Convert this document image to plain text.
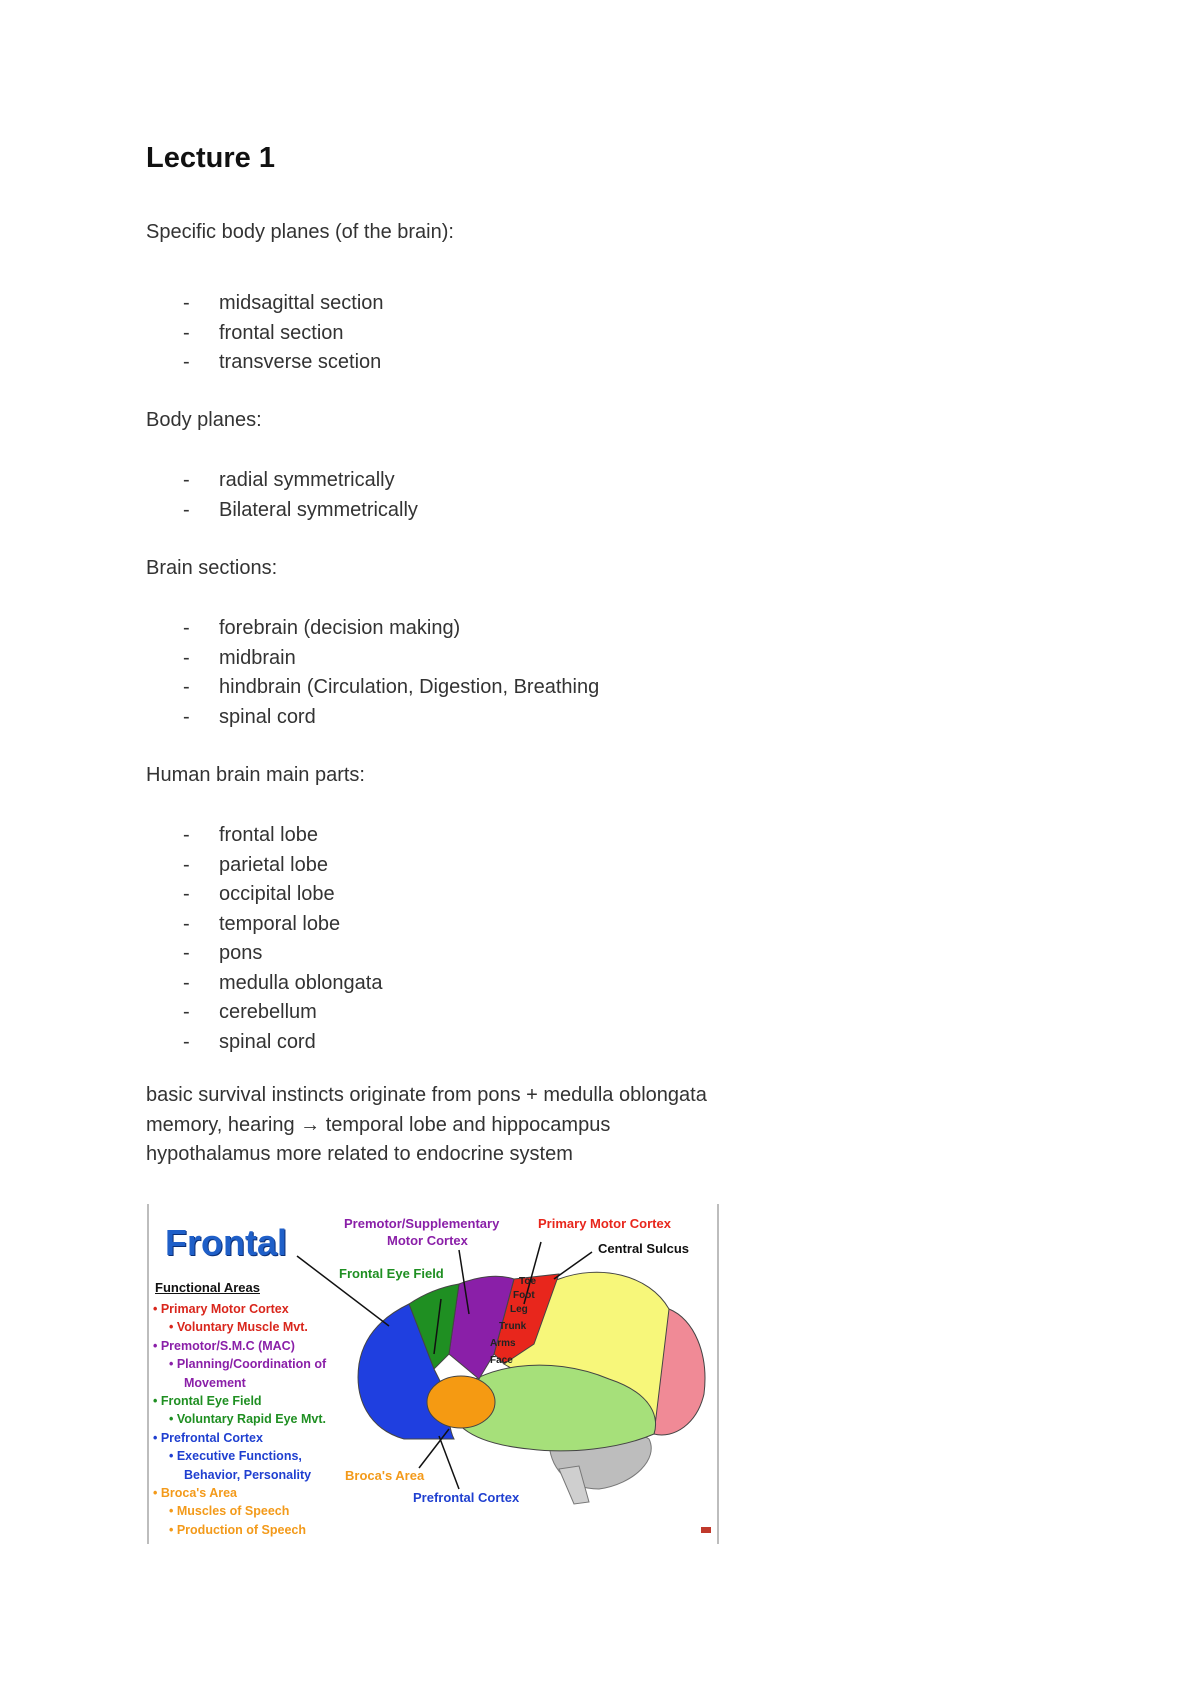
Lecture 1
Specific body planes (of the brain):
- midsagittal section
- frontal section
- transverse scetion
Body planes:
- radial symmetrically
- Bilateral symmetrically
Brain sections:
- forebrain (decision making)
- midbrain
- hindbrain (Circulation, Digestion, Breathing
- spinal cord
Human brain main parts:
- frontal lobe
- parietal lobe
- occipital lobe
- temporal lobe
- pons
- medulla oblongata
- cerebellum
- spinal cord
basic survival instincts originate from pons + medulla oblongata
memory, hearing → temporal lobe and hippocampus
hypothalamus more related to endocrine system
Frontal
Functional Areas
• Primary Motor Cortex
• Voluntary Muscle Mvt.
• Premotor/S.M.C (MAC)
• Planning/Coordination of
Movement
• Frontal Eye Field
• Voluntary Rapid Eye Mvt.
• Prefrontal Cortex
• Executive Functions,
Behavior, Personality
• Broca's Area
• Muscles of Speech
• Production of Speech
Premotor/Supplementary
Motor Cortex
Primary Motor Cortex
Central Sulcus
Frontal Eye Field
Broca's Area
Prefrontal Cortex
Toe
Foot
Leg
Trunk
Arms
Face
